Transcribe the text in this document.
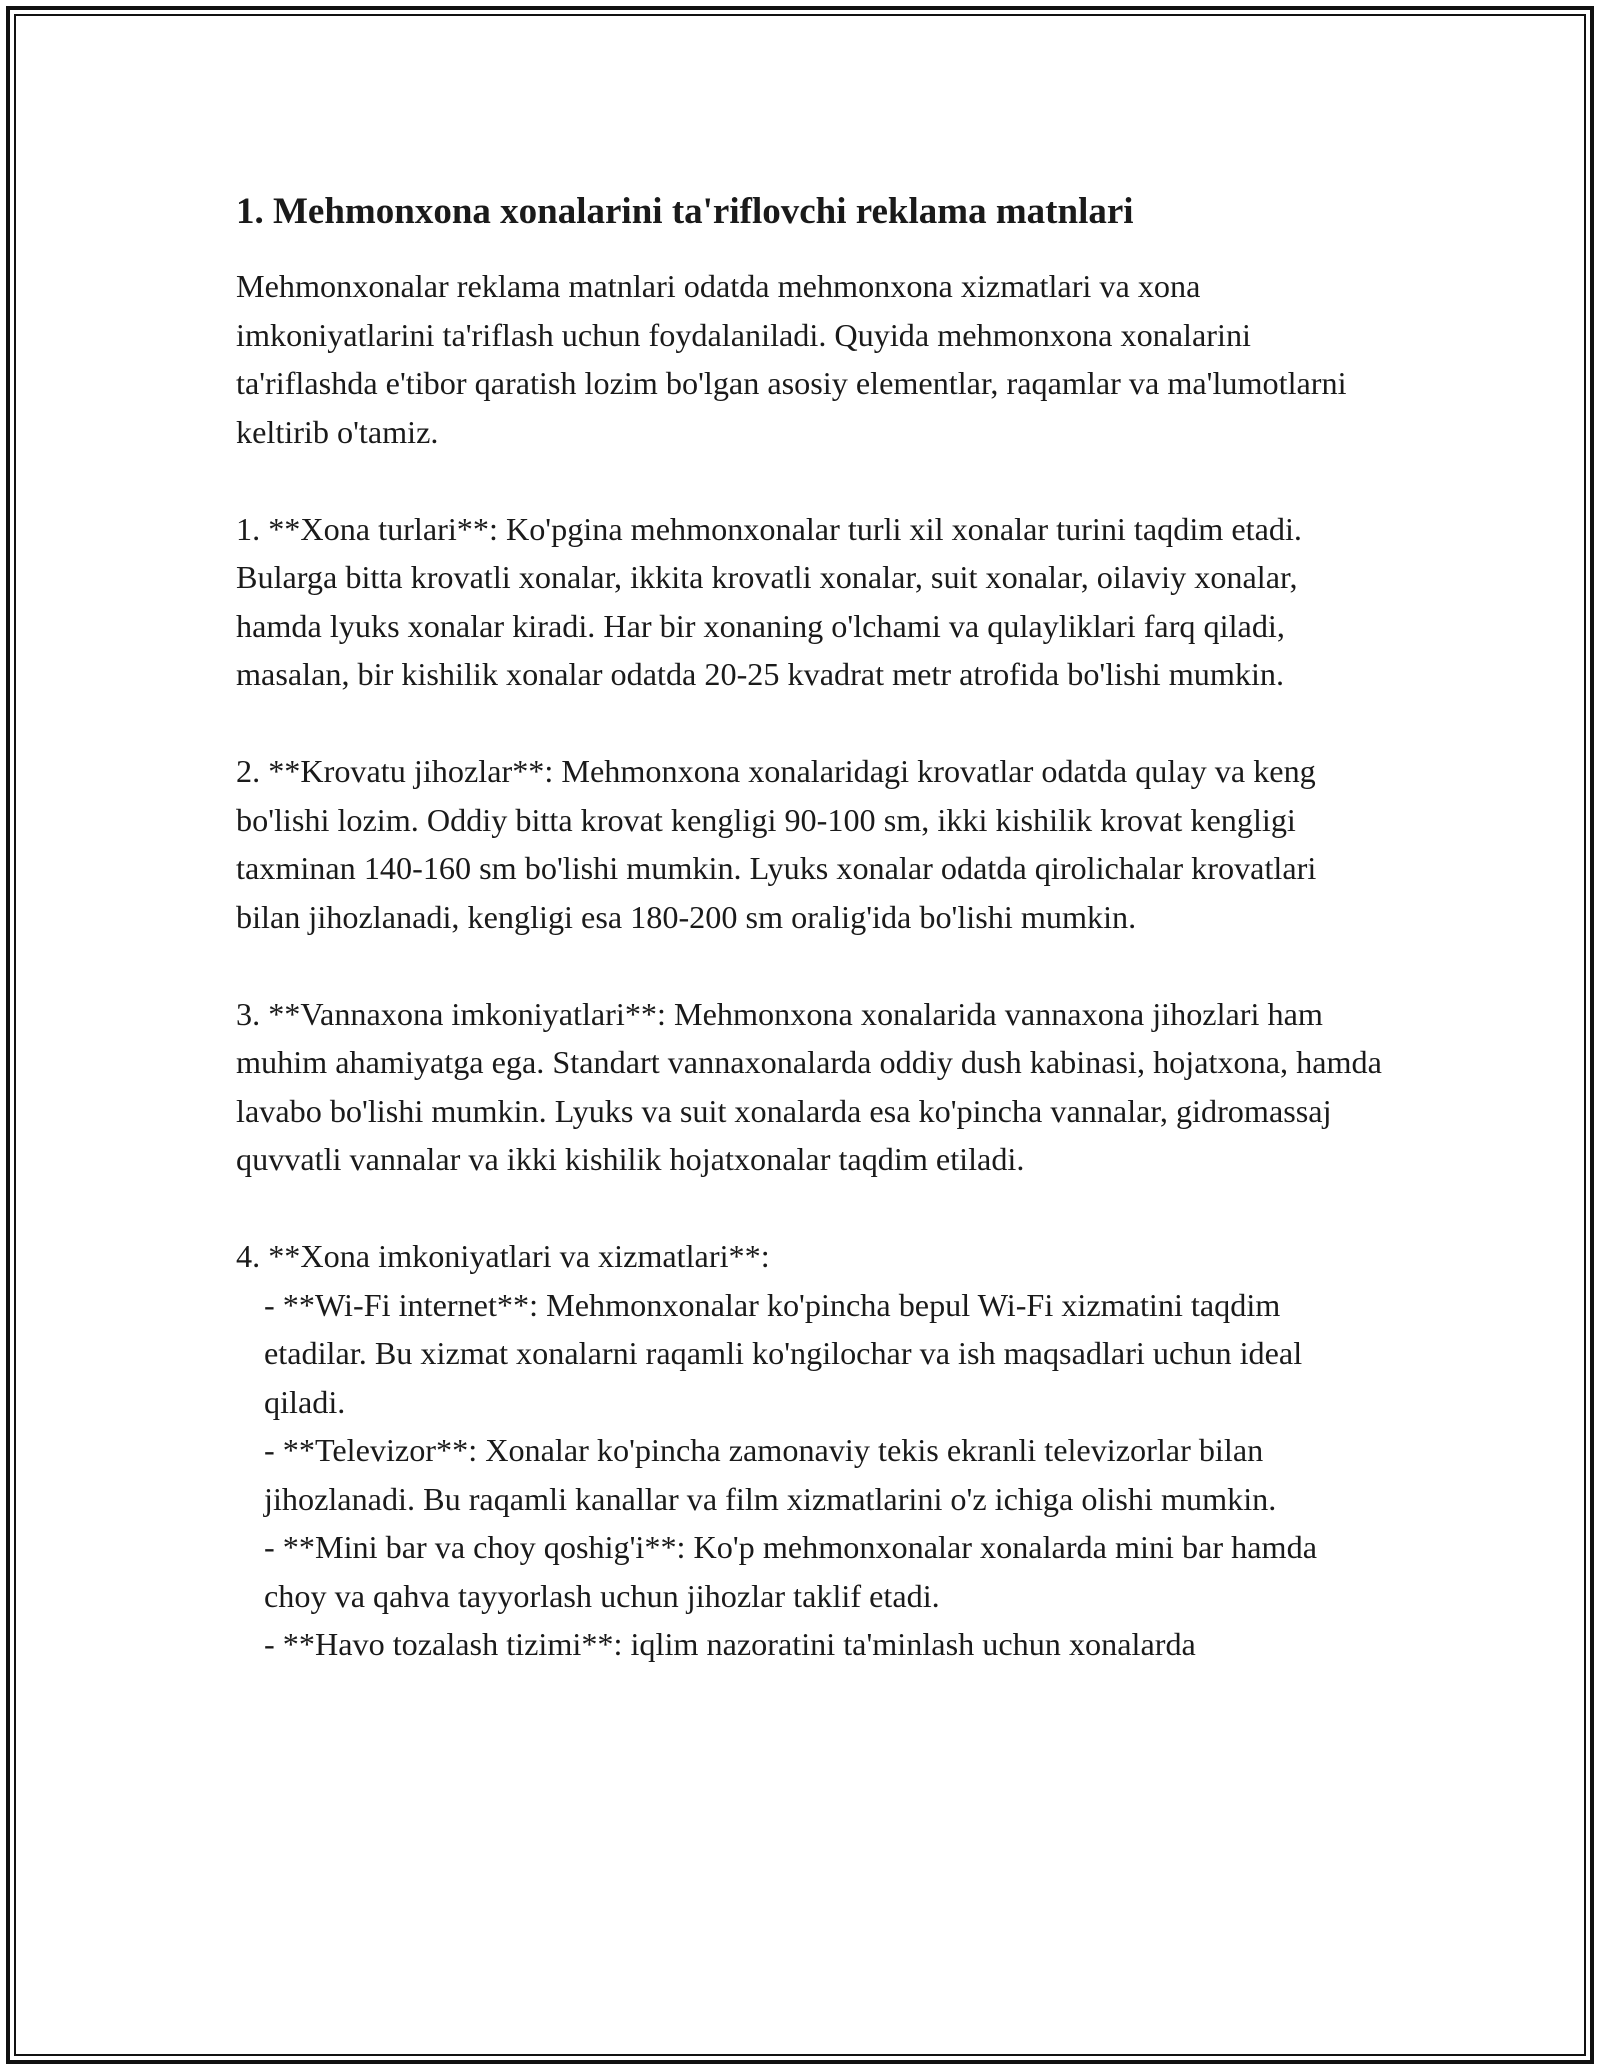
1. Mehmonxona xonalarini ta'riflovchi reklama matnlari

Mehmonxonalar reklama matnlari odatda mehmonxona xizmatlari va xona imkoniyatlarini ta'riflash uchun foydalaniladi. Quyida mehmonxona xonalarini ta'riflashda e'tibor qaratish lozim bo'lgan asosiy elementlar, raqamlar va ma'lumotlarni keltirib o'tamiz.

1. **Xona turlari**: Ko'pgina mehmonxonalar turli xil xonalar turini taqdim etadi. Bularga bitta krovatli xonalar, ikkita krovatli xonalar, suit xonalar, oilaviy xonalar, hamda lyuks xonalar kiradi. Har bir xonaning o'lchami va qulayliklari farq qiladi, masalan, bir kishilik xonalar odatda 20-25 kvadrat metr atrofida bo'lishi mumkin.

2. **Krovatu jihozlar**: Mehmonxona xonalaridagi krovatlar odatda qulay va keng bo'lishi lozim. Oddiy bitta krovat kengligi 90-100 sm, ikki kishilik krovat kengligi taxminan 140-160 sm bo'lishi mumkin. Lyuks xonalar odatda qirolichalar krovatlari bilan jihozlanadi, kengligi esa 180-200 sm oralig'ida bo'lishi mumkin.

3. **Vannaxona imkoniyatlari**: Mehmonxona xonalarida vannaxona jihozlari ham muhim ahamiyatga ega. Standart vannaxonalarda oddiy dush kabinasi, hojatxona, hamda lavabo bo'lishi mumkin. Lyuks va suit xonalarda esa ko'pincha vannalar, gidromassaj quvvatli vannalar va ikki kishilik hojatxonalar taqdim etiladi.

4. **Xona imkoniyatlari va xizmatlari**:

- **Wi-Fi internet**: Mehmonxonalar ko'pincha bepul Wi-Fi xizmatini taqdim etadilar. Bu xizmat xonalarni raqamli ko'ngilochar va ish maqsadlari uchun ideal qiladi.

- **Televizor**: Xonalar ko'pincha zamonaviy tekis ekranli televizorlar bilan jihozlanadi. Bu raqamli kanallar va film xizmatlarini o'z ichiga olishi mumkin.

- **Mini bar va choy qoshig'i**: Ko'p mehmonxonalar xonalarda mini bar hamda choy va qahva tayyorlash uchun jihozlar taklif etadi.

- **Havo tozalash tizimi**: iqlim nazoratini ta'minlash uchun xonalarda
